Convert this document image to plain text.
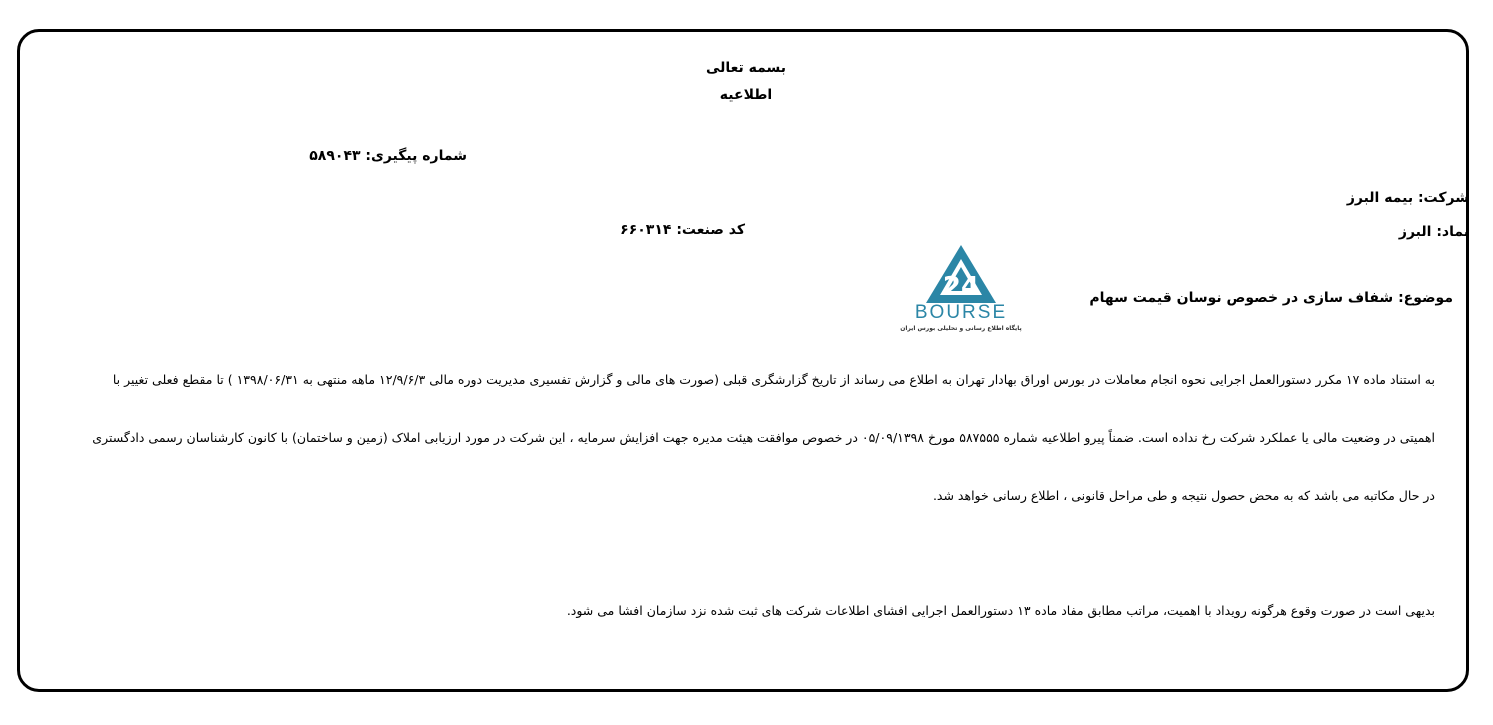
بسمه تعالی
اطلاعیه
شماره پیگیری: ۵۸۹۰۴۳
شرکت: بیمه البرز
نماد: البرز
کد صنعت: ۶۶۰۳۱۴
موضوع: شفاف سازی در خصوص نوسان قیمت سهام
24
BOURSE
پایگاه اطلاع رسانی و تحلیلی بورس ایران
به استناد ماده ۱۷ مکرر دستورالعمل اجرایی نحوه انجام معاملات در بورس اوراق بهادار تهران به اطلاع می رساند از تاریخ گزارشگری قبلی (صورت های مالی و گزارش تفسیری مدیریت دوره مالی ۱۲/۹/۶/۳ ماهه منتهی به ۱۳۹۸/۰۶/۳۱ ) تا مقطع فعلی تغییر با
اهمیتی در وضعیت مالی یا عملکرد شرکت رخ نداده است. ضمناً پیرو اطلاعیه شماره ۵۸۷۵۵۵ مورخ ۰۵/۰۹/۱۳۹۸ در خصوص موافقت هیئت مدیره جهت افزایش سرمایه ، این شرکت در مورد ارزیابی املاک (زمین و ساختمان) با کانون کارشناسان رسمی دادگستری
در حال مکاتبه می باشد که به محض حصول نتیجه و طی مراحل قانونی ، اطلاع رسانی خواهد شد.
بدیهی است در صورت وقوع هرگونه رویداد با اهمیت، مراتب مطابق مفاد ماده ۱۳ دستورالعمل اجرایی افشای اطلاعات شرکت های ثبت شده نزد سازمان افشا می شود.
